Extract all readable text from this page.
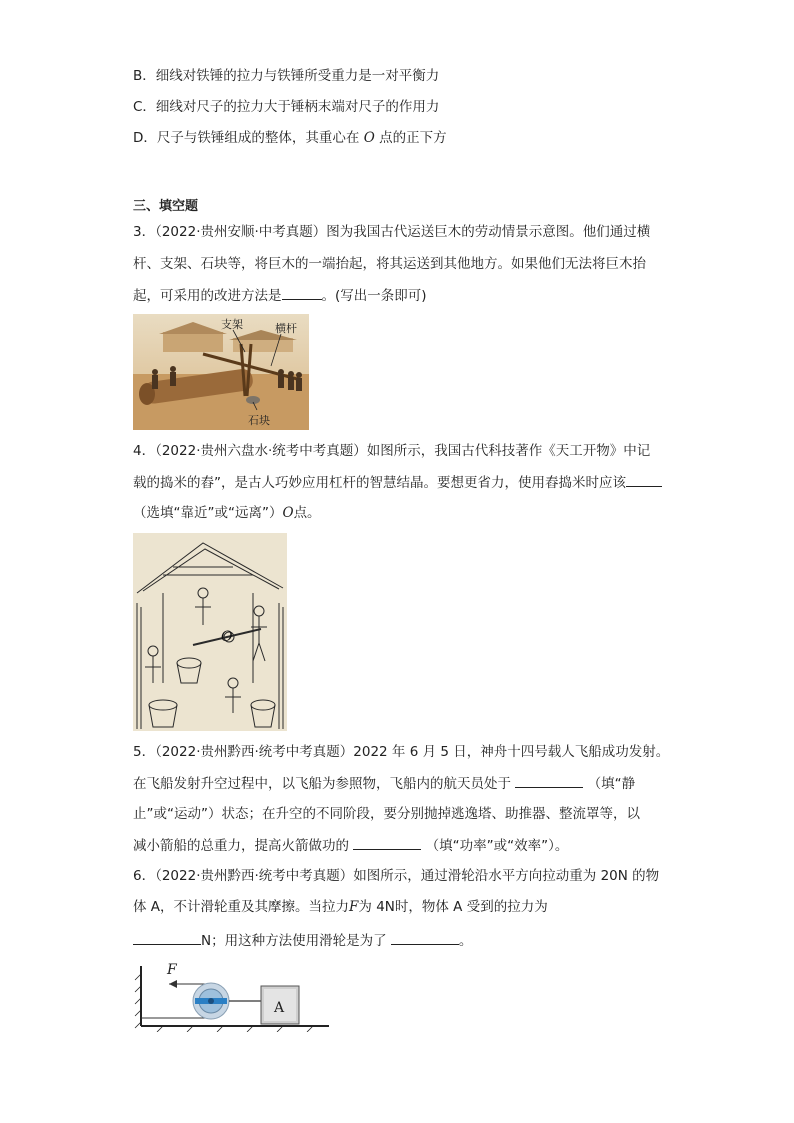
B．细线对铁锤的拉力与铁锤所受重力是一对平衡力
C．细线对尺子的拉力大于锤柄末端对尺子的作用力
D．尺子与铁锤组成的整体，其重心在 O 点的正下方
三、填空题
3．（2022·贵州安顺·中考真题）图为我国古代运送巨木的劳动情景示意图。他们通过横
杆、支架、石块等，将巨木的一端抬起，将其运送到其他地方。如果他们无法将巨木抬
起，可采用的改进方法是	。(写出一条即可)
支架	横杆
石块
4．（2022·贵州六盘水·统考中考真题）如图所示，我国古代科技著作《天工开物》中记
载的捣米的舂”，是古人巧妙应用杠杆的智慧结晶。要想更省力，使用舂捣米时应该
（选填“靠近”或“远离”）O点。
O
5．（2022·贵州黔西·统考中考真题）2022 年 6 月 5 日，神舟十四号载人飞船成功发射。
在飞船发射升空过程中，以飞船为参照物，飞船内的航天员处于	（填“静
止”或“运动”）状态；在升空的不同阶段，要分别抛掉逃逸塔、助推器、整流罩等，以
减小箭船的总重力，提高火箭做功的	（填“功率”或“效率”）。
6．（2022·贵州黔西·统考中考真题）如图所示，通过滑轮沿水平方向拉动重为 20N 的物
体 A，不计滑轮重及其摩擦。当拉力F为 4N时，物体 A 受到的拉力为
N；用这种方法使用滑轮是为了	。
A
F
